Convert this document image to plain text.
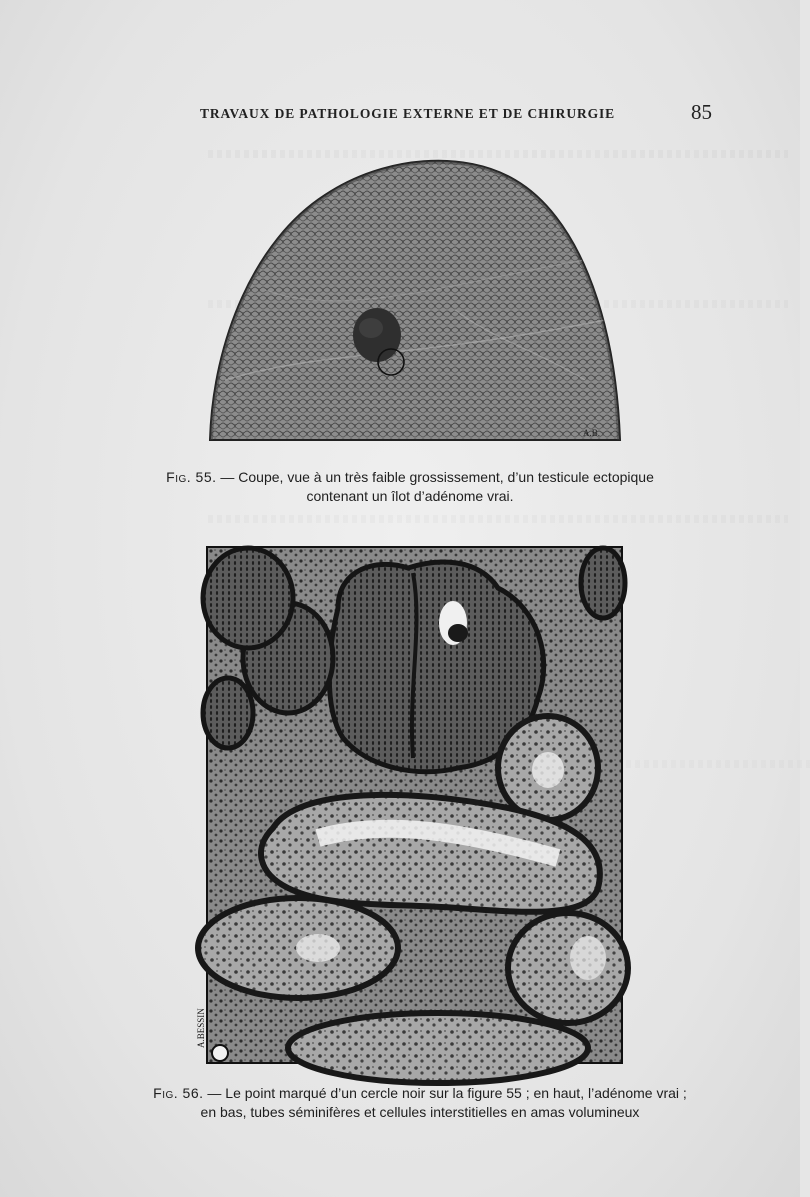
TRAVAUX DE PATHOLOGIE EXTERNE ET DE CHIRURGIE	85
A.B.
Fig. 55. — Coupe, vue à un très faible grossissement, d’un testicule ectopique
contenant un îlot d’adénome vrai.
A.BESSIN
Fig. 56. — Le point marqué d’un cercle noir sur la figure 55 ; en haut, l’adénome vrai ;
en bas, tubes séminifères et cellules interstitielles en amas volumineux
